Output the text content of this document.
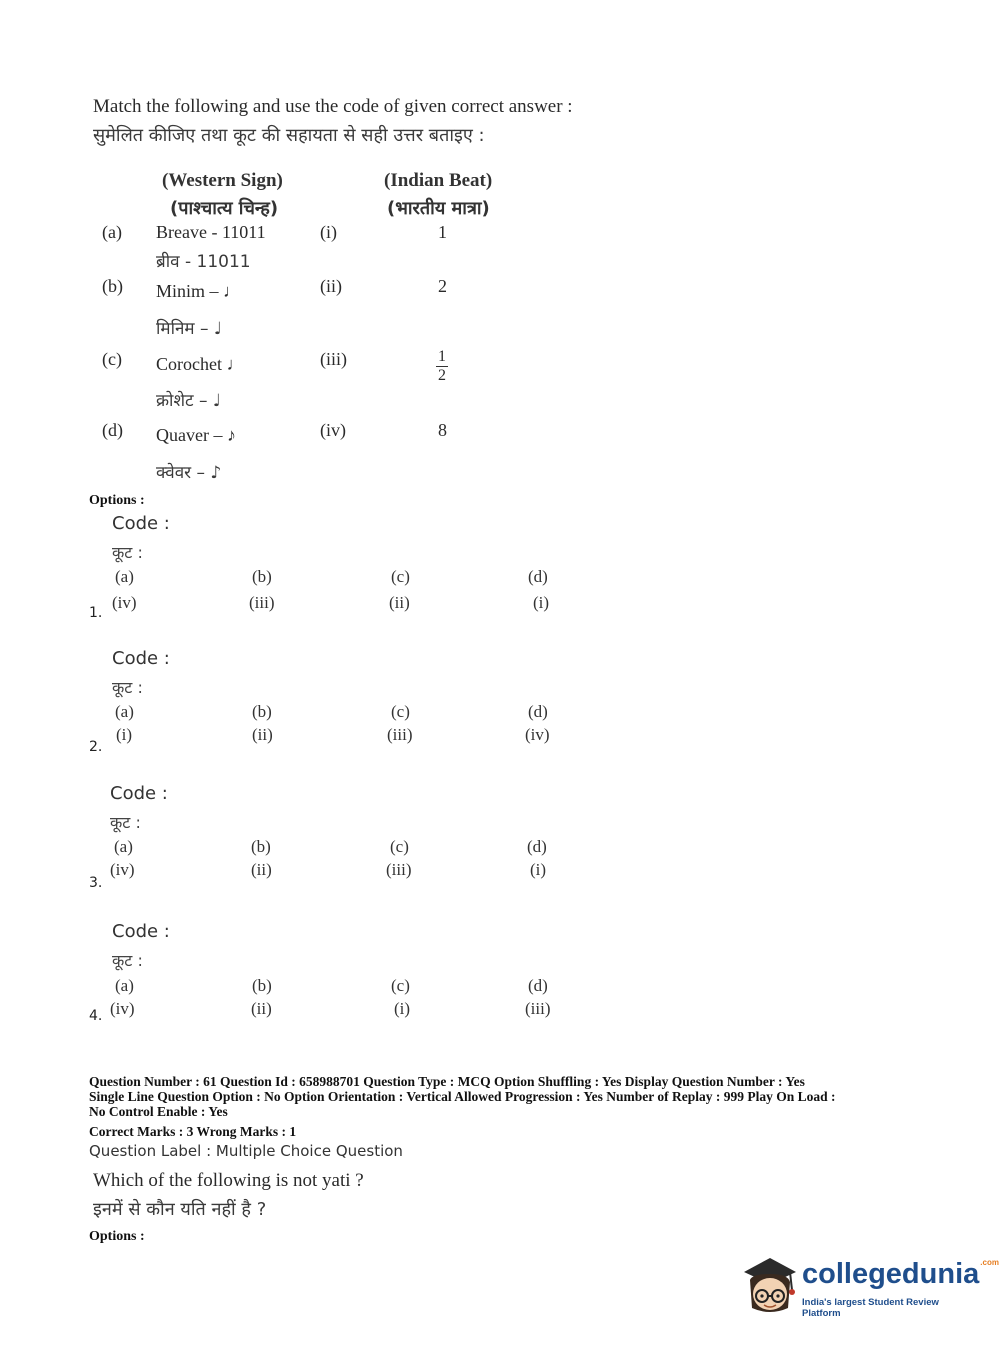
Match the following and use the code of given correct answer :
सुमेलित कीजिए तथा कूट की सहायता से सही उत्तर बताइए :
(Western Sign)
(पाश्चात्य चिन्ह)
(Indian Beat)
(भारतीय मात्रा)
(a) Breave - 11011
ब्रीव - 11011
(i)	1
(b) Minim – ♩
मिनिम – ♩
(ii)	2
(c) Corochet ♩
क्रोशेट – ♩
(iii)	$\frac{1}{2}$
(d) Quaver – ♪
क्वेवर – ♪
(iv)	8
Options :
Code :
कूट :
(a)	(b)	(c)	(d)
(iv)	(iii)	(ii)	(i)
1.
Code :
कूट :
(a)	(b)	(c)	(d)
(i)	(ii)	(iii)	(iv)
2.
Code :
कूट :
(a)	(b)	(c)	(d)
(iv)	(ii)	(iii)	(i)
3.
Code :
कूट :
(a)	(b)	(c)	(d)
(iv)	(ii)	(i)	(iii)
4.
Question Number : 61 Question Id : 658988701 Question Type : MCQ Option Shuffling : Yes Display Question Number : Yes
Single Line Question Option : No Option Orientation : Vertical Allowed Progression : Yes Number of Replay : 999 Play On Load :
No Control Enable : Yes
Correct Marks : 3 Wrong Marks : 1
Question Label : Multiple Choice Question
Which of the following is not yati ?
इनमें से कौन यति नहीं है ?
Options :
collegedunia$^{.com}$
India's largest Student Review Platform
